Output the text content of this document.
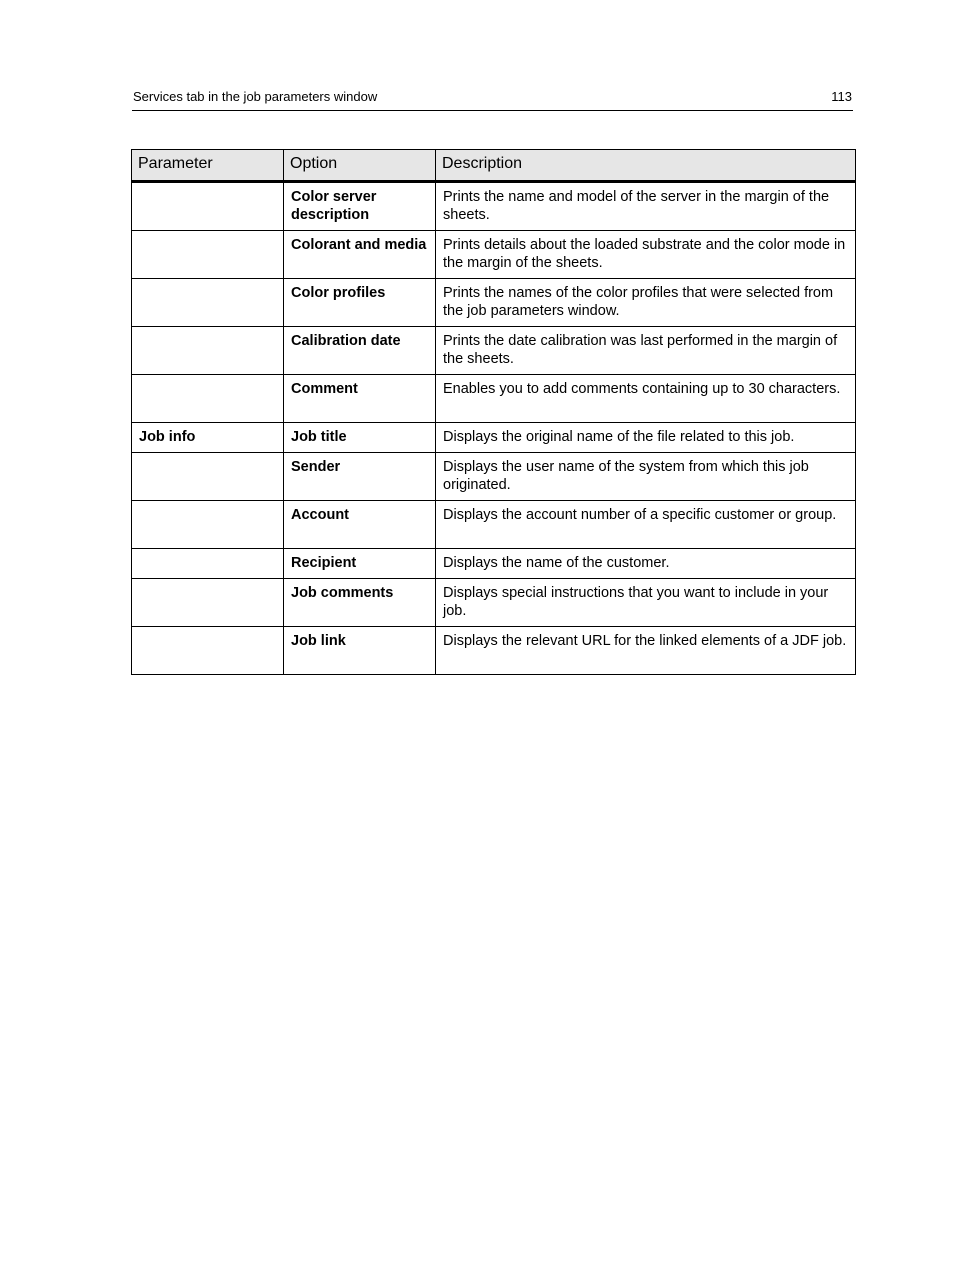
Services tab in the job parameters window	113
Parameter	Option	Description
	Color server description	Prints the name and model of the server in the margin of the sheets.
	Colorant and media	Prints details about the loaded substrate and the color mode in the margin of the sheets.
	Color profiles	Prints the names of the color profiles that were selected from the job parameters window.
	Calibration date	Prints the date calibration was last performed in the margin of the sheets.
	Comment	Enables you to add comments containing up to 30 characters.
Job info	Job title	Displays the original name of the file related to this job.
	Sender	Displays the user name of the system from which this job originated.
	Account	Displays the account number of a specific customer or group.
	Recipient	Displays the name of the customer.
	Job comments	Displays special instructions that you want to include in your job.
	Job link	Displays the relevant URL for the linked elements of a JDF job.
